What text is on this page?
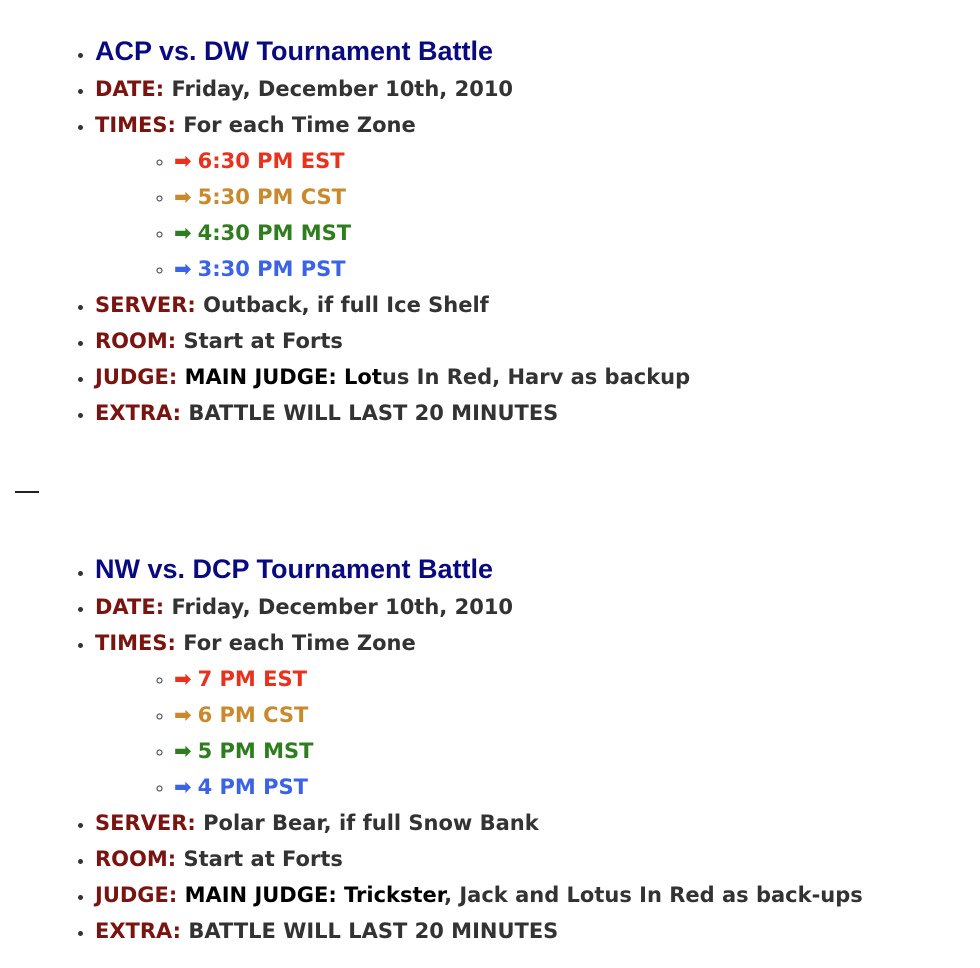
• ACP vs. DW Tournament Battle
• DATE: Friday, December 10th, 2010
• TIMES: For each Time Zone
◦ ➡ 6:30 PM EST
◦ ➡ 5:30 PM CST
◦ ➡ 4:30 PM MST
◦ ➡ 3:30 PM PST
• SERVER: Outback, if full Ice Shelf
• ROOM: Start at Forts
• JUDGE: MAIN JUDGE: Lotus In Red, Harv as backup
• EXTRA: BATTLE WILL LAST 20 MINUTES
• NW vs. DCP Tournament Battle
• DATE: Friday, December 10th, 2010
• TIMES: For each Time Zone
◦ ➡ 7 PM EST
◦ ➡ 6 PM CST
◦ ➡ 5 PM MST
◦ ➡ 4 PM PST
• SERVER: Polar Bear, if full Snow Bank
• ROOM: Start at Forts
• JUDGE: MAIN JUDGE: Trickster, Jack and Lotus In Red as back-ups
• EXTRA: BATTLE WILL LAST 20 MINUTES
